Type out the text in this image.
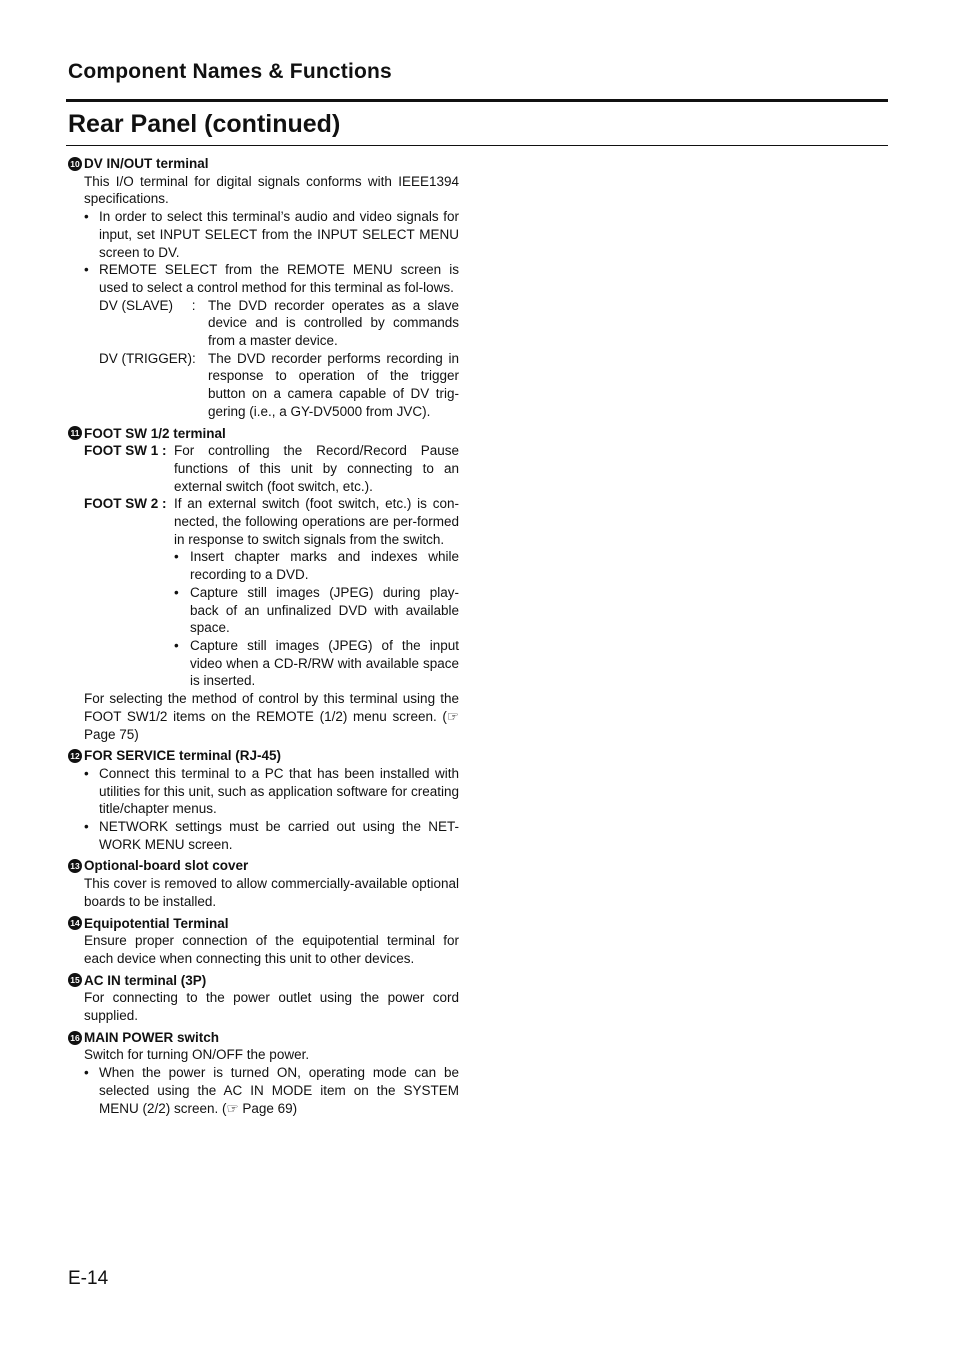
Component Names & Functions
Rear Panel (continued)
10 DV IN/OUT terminal
This I/O terminal for digital signals conforms with IEEE1394 specifications.
• In order to select this terminal’s audio and video signals for input, set INPUT SELECT from the INPUT SELECT MENU screen to DV.
• REMOTE SELECT from the REMOTE MENU screen is used to select a control method for this terminal as fol-lows.
DV (SLAVE)     : The DVD recorder operates as a slave device and is controlled by commands from a master device.
DV (TRIGGER): The DVD recorder performs recording in response to operation of the trigger button on a camera capable of DV trig-gering (i.e., a GY-DV5000 from JVC).
11 FOOT SW 1/2 terminal
FOOT SW 1 : For controlling the Record/Record Pause functions of this unit by connecting to an external switch (foot switch, etc.).
FOOT SW 2 : If an external switch (foot switch, etc.) is con-nected, the following operations are per-formed in response to switch signals from the switch.
• Insert chapter marks and indexes while recording to a DVD.
• Capture still images (JPEG) during play-back of an unfinalized DVD with available space.
• Capture still images (JPEG) of the input video when a CD-R/RW with available space is inserted.
For selecting the method of control by this terminal using the FOOT SW1/2 items on the REMOTE (1/2) menu screen. (☞ Page 75)
12 FOR SERVICE terminal (RJ-45)
• Connect this terminal to a PC that has been installed with utilities for this unit, such as application software for creating title/chapter menus.
• NETWORK settings must be carried out using the NET-WORK MENU screen.
13 Optional-board slot cover
This cover is removed to allow commercially-available optional boards to be installed.
14 Equipotential Terminal
Ensure proper connection of the equipotential terminal for each device when connecting this unit to other devices.
15 AC IN terminal (3P)
For connecting to the power outlet using the power cord supplied.
16 MAIN POWER switch
Switch for turning ON/OFF the power.
• When the power is turned ON, operating mode can be selected using the AC IN MODE item on the SYSTEM MENU (2/2) screen. (☞ Page 69)
E-14
